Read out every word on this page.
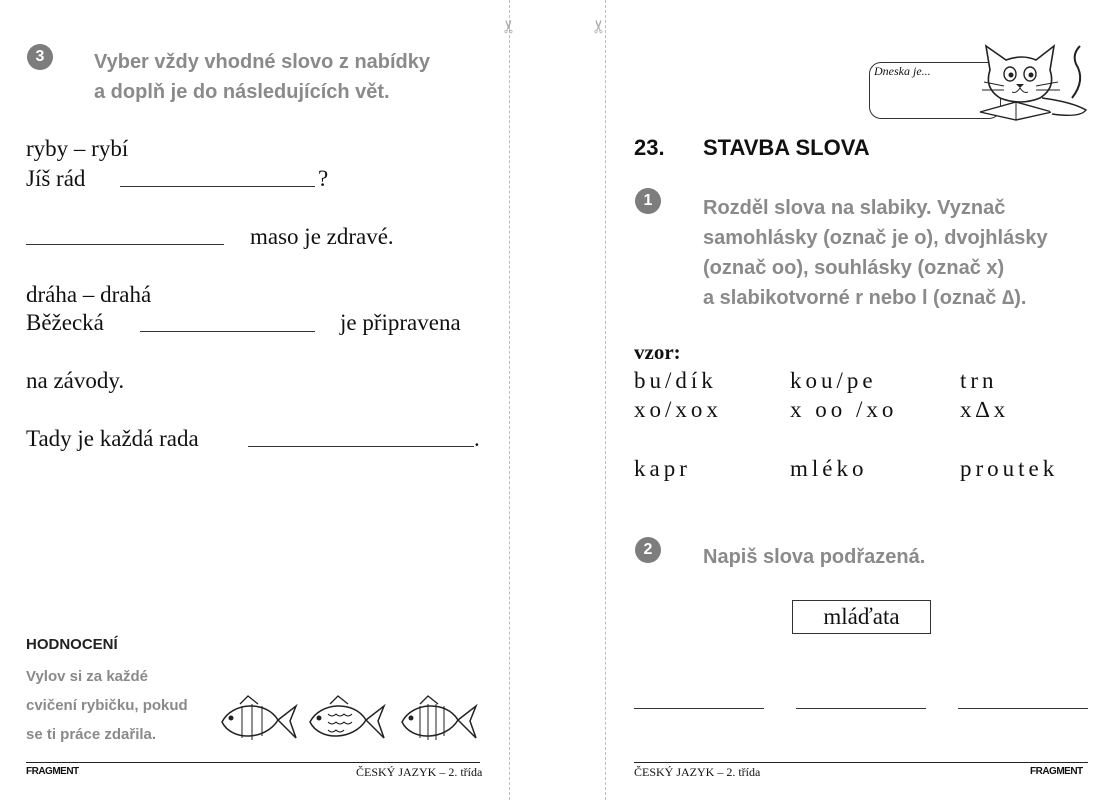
✂	✂
3	Vyber vždy vhodné slovo z nabídky
a doplň je do následujících vět.
ryby – rybí
Jíš rád	?
maso je zdravé.
dráha – drahá
Běžecká	je připravena
na závody.
Tady je každá rada	.
HODNOCENÍ
Vylov si za každé
cvičení rybičku, pokud
se ti práce zdařila.
FRAGMENT	ČESKÝ JAZYK – 2. třída
Dneska je...
23. STAVBA SLOVA
1	Rozděl slova na slabiky. Vyznač
samohlásky (označ je o), dvojhlásky
(označ oo), souhlásky (označ x)
a slabikotvorné r nebo l (označ ∆).
vzor:
bu/dík	kou/pe	trn
xo/xox	x oo /xo	x∆x
kapr	mléko	proutek
2	Napiš slova podřazená.
mláďata
ČESKÝ JAZYK – 2. třída	FRAGMENT
